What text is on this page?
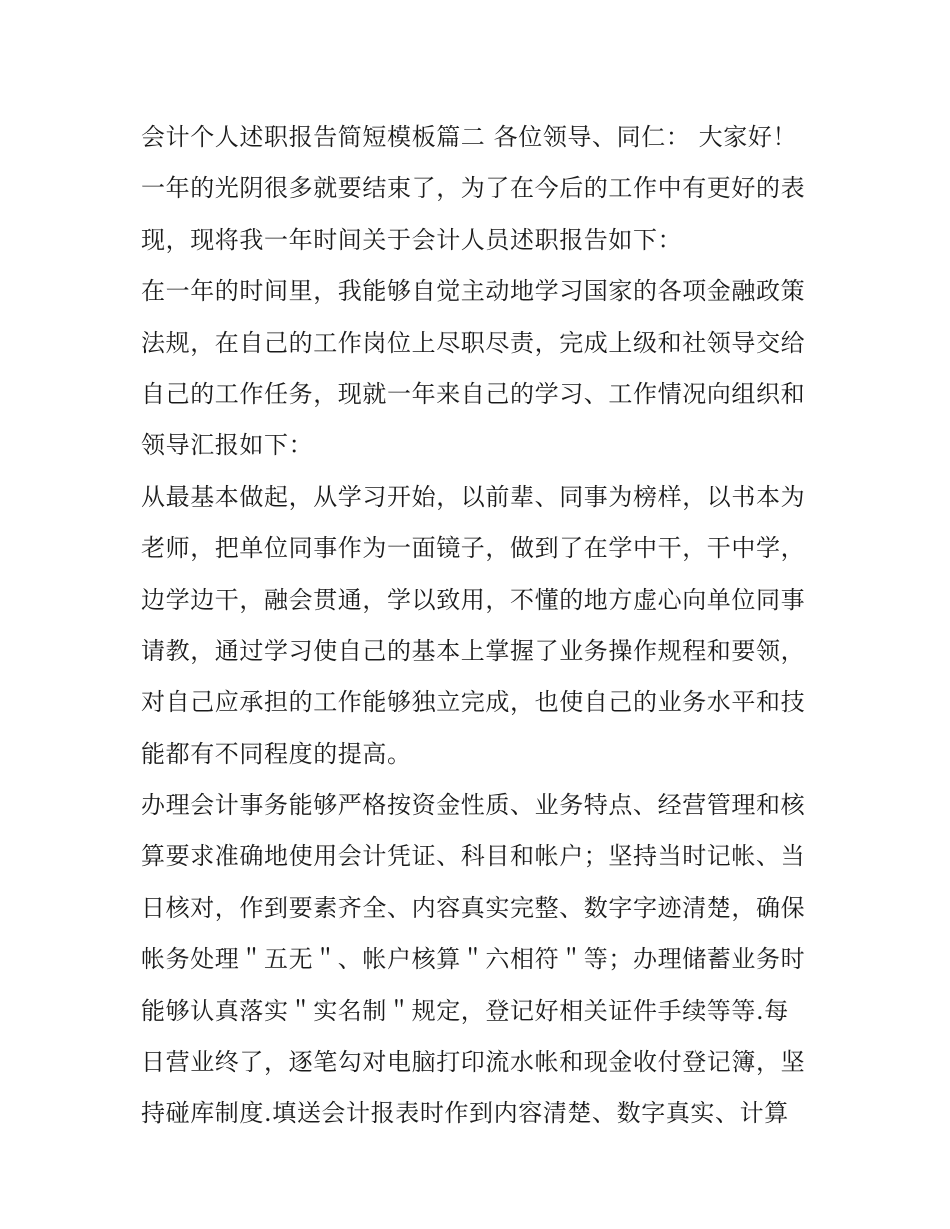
会计个人述职报告简短模板篇二 各位领导、同仁： 大家好！
一年的光阴很多就要结束了，为了在今后的工作中有更好的表
现，现将我一年时间关于会计人员述职报告如下：
在一年的时间里，我能够自觉主动地学习国家的各项金融政策
法规，在自己的工作岗位上尽职尽责，完成上级和社领导交给
自己的工作任务，现就一年来自己的学习、工作情况向组织和
领导汇报如下：
从最基本做起，从学习开始，以前辈、同事为榜样，以书本为
老师，把单位同事作为一面镜子，做到了在学中干，干中学，
边学边干，融会贯通，学以致用，不懂的地方虚心向单位同事
请教，通过学习使自己的基本上掌握了业务操作规程和要领，
对自己应承担的工作能够独立完成，也使自己的业务水平和技
能都有不同程度的提高。
办理会计事务能够严格按资金性质、业务特点、经营管理和核
算要求准确地使用会计凭证、科目和帐户；坚持当时记帐、当
日核对，作到要素齐全、内容真实完整、数字字迹清楚，确保
帐务处理＂五无＂、帐户核算＂六相符＂等；办理储蓄业务时
能够认真落实＂实名制＂规定，登记好相关证件手续等等.每
日营业终了，逐笔勾对电脑打印流水帐和现金收付登记簿，坚
持碰库制度.填送会计报表时作到内容清楚、数字真实、计算
